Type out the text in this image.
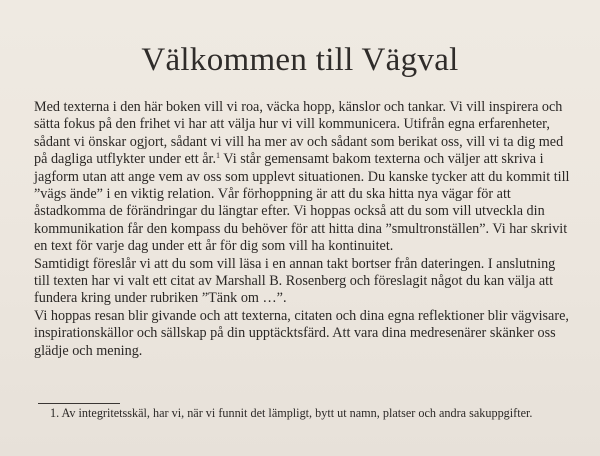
Välkommen till Vägval

Med texterna i den här boken vill vi roa, väcka hopp, känslor och tankar. Vi vill inspirera och sätta fokus på den frihet vi har att välja hur vi vill kommunicera. Utifrån egna erfarenheter, sådant vi önskar ogjort, sådant vi vill ha mer av och sådant som berikat oss, vill vi ta dig med på dagliga utflykter under ett år.$^1$ Vi står gemensamt bakom texterna och väljer att skriva i jagform utan att ange vem av oss som upplevt situationen. Du kanske tycker att du kommit till ”vägs ände” i en viktig relation. Vår förhoppning är att du ska hitta nya vägar för att åstadkomma de förändringar du längtar efter. Vi hoppas också att du som vill utveckla din kommunikation får den kompass du behöver för att hitta dina ”smultronställen”. Vi har skrivit en text för varje dag under ett år för dig som vill ha kontinuitet.

Samtidigt föreslår vi att du som vill läsa i en annan takt bortser från dateringen. I anslutning till texten har vi valt ett citat av Marshall B. Rosenberg och föreslagit något du kan välja att fundera kring under rubriken ”Tänk om …”.

Vi hoppas resan blir givande och att texterna, citaten och dina egna reflektioner blir vägvisare, inspirationskällor och sällskap på din upptäcktsfärd. Att vara dina medresenärer skänker oss glädje och mening.

1. Av integritetsskäl, har vi, när vi funnit det lämpligt, bytt ut namn, platser och andra sakuppgifter.
